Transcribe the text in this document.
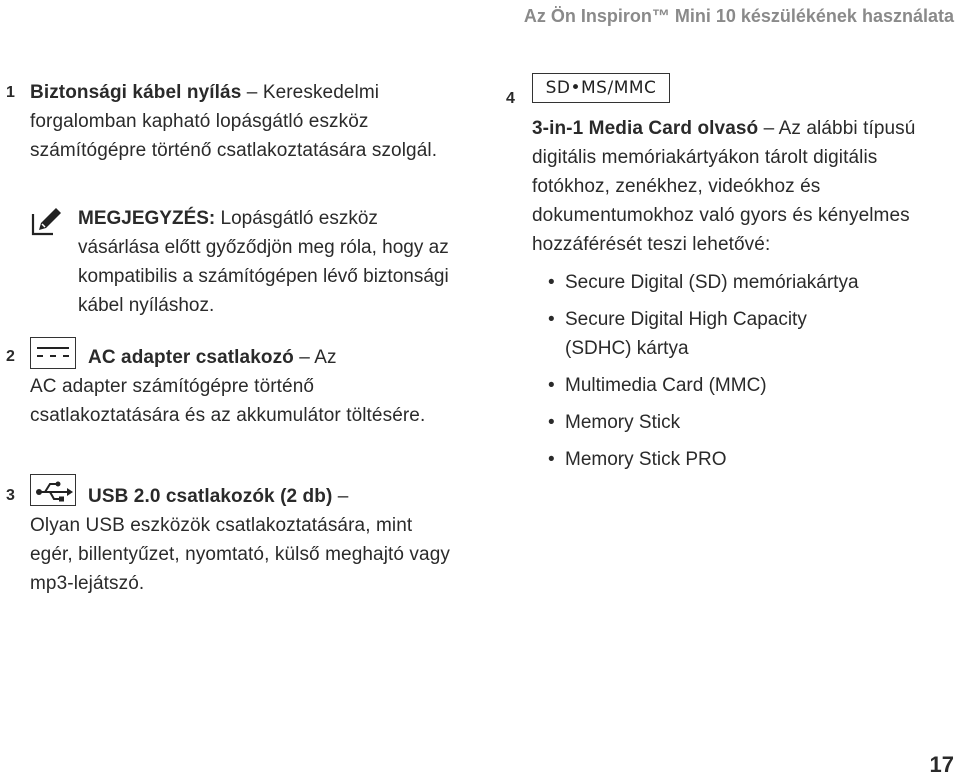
Az Ön Inspiron™ Mini 10 készülékének használata
1 Biztonsági kábel nyílás – Kereskedelmi
forgalomban kapható lopásgátló eszköz számítógépre történő csatlakoztatására szolgál.

MEGJEGYZÉS: Lopásgátló eszköz vásárlása előtt győződjön meg róla, hogy az kompatibilis a számítógépen lévő biztonsági kábel nyíláshoz.

2	AC adapter csatlakozó – Az
AC adapter számítógépre történő csatlakoztatására és az akkumulátor töltésére.

3	USB 2.0 csatlakozók (2 db) –
Olyan USB eszközök csatlakoztatására, mint egér, billentyűzet, nyomtató, külső meghajtó vagy mp3-lejátszó.

4
SD•MS/MMC

3-in-1 Media Card olvasó – Az alábbi típusú digitális memóriakártyákon tárolt digitális fotókhoz, zenékhez, videókhoz és dokumentumokhoz való gyors és kényelmes hozzáférését teszi lehetővé:

• Secure Digital (SD) memóriakártya
• Secure Digital High Capacity (SDHC) kártya
• Multimedia Card (MMC)
• Memory Stick
• Memory Stick PRO
17
